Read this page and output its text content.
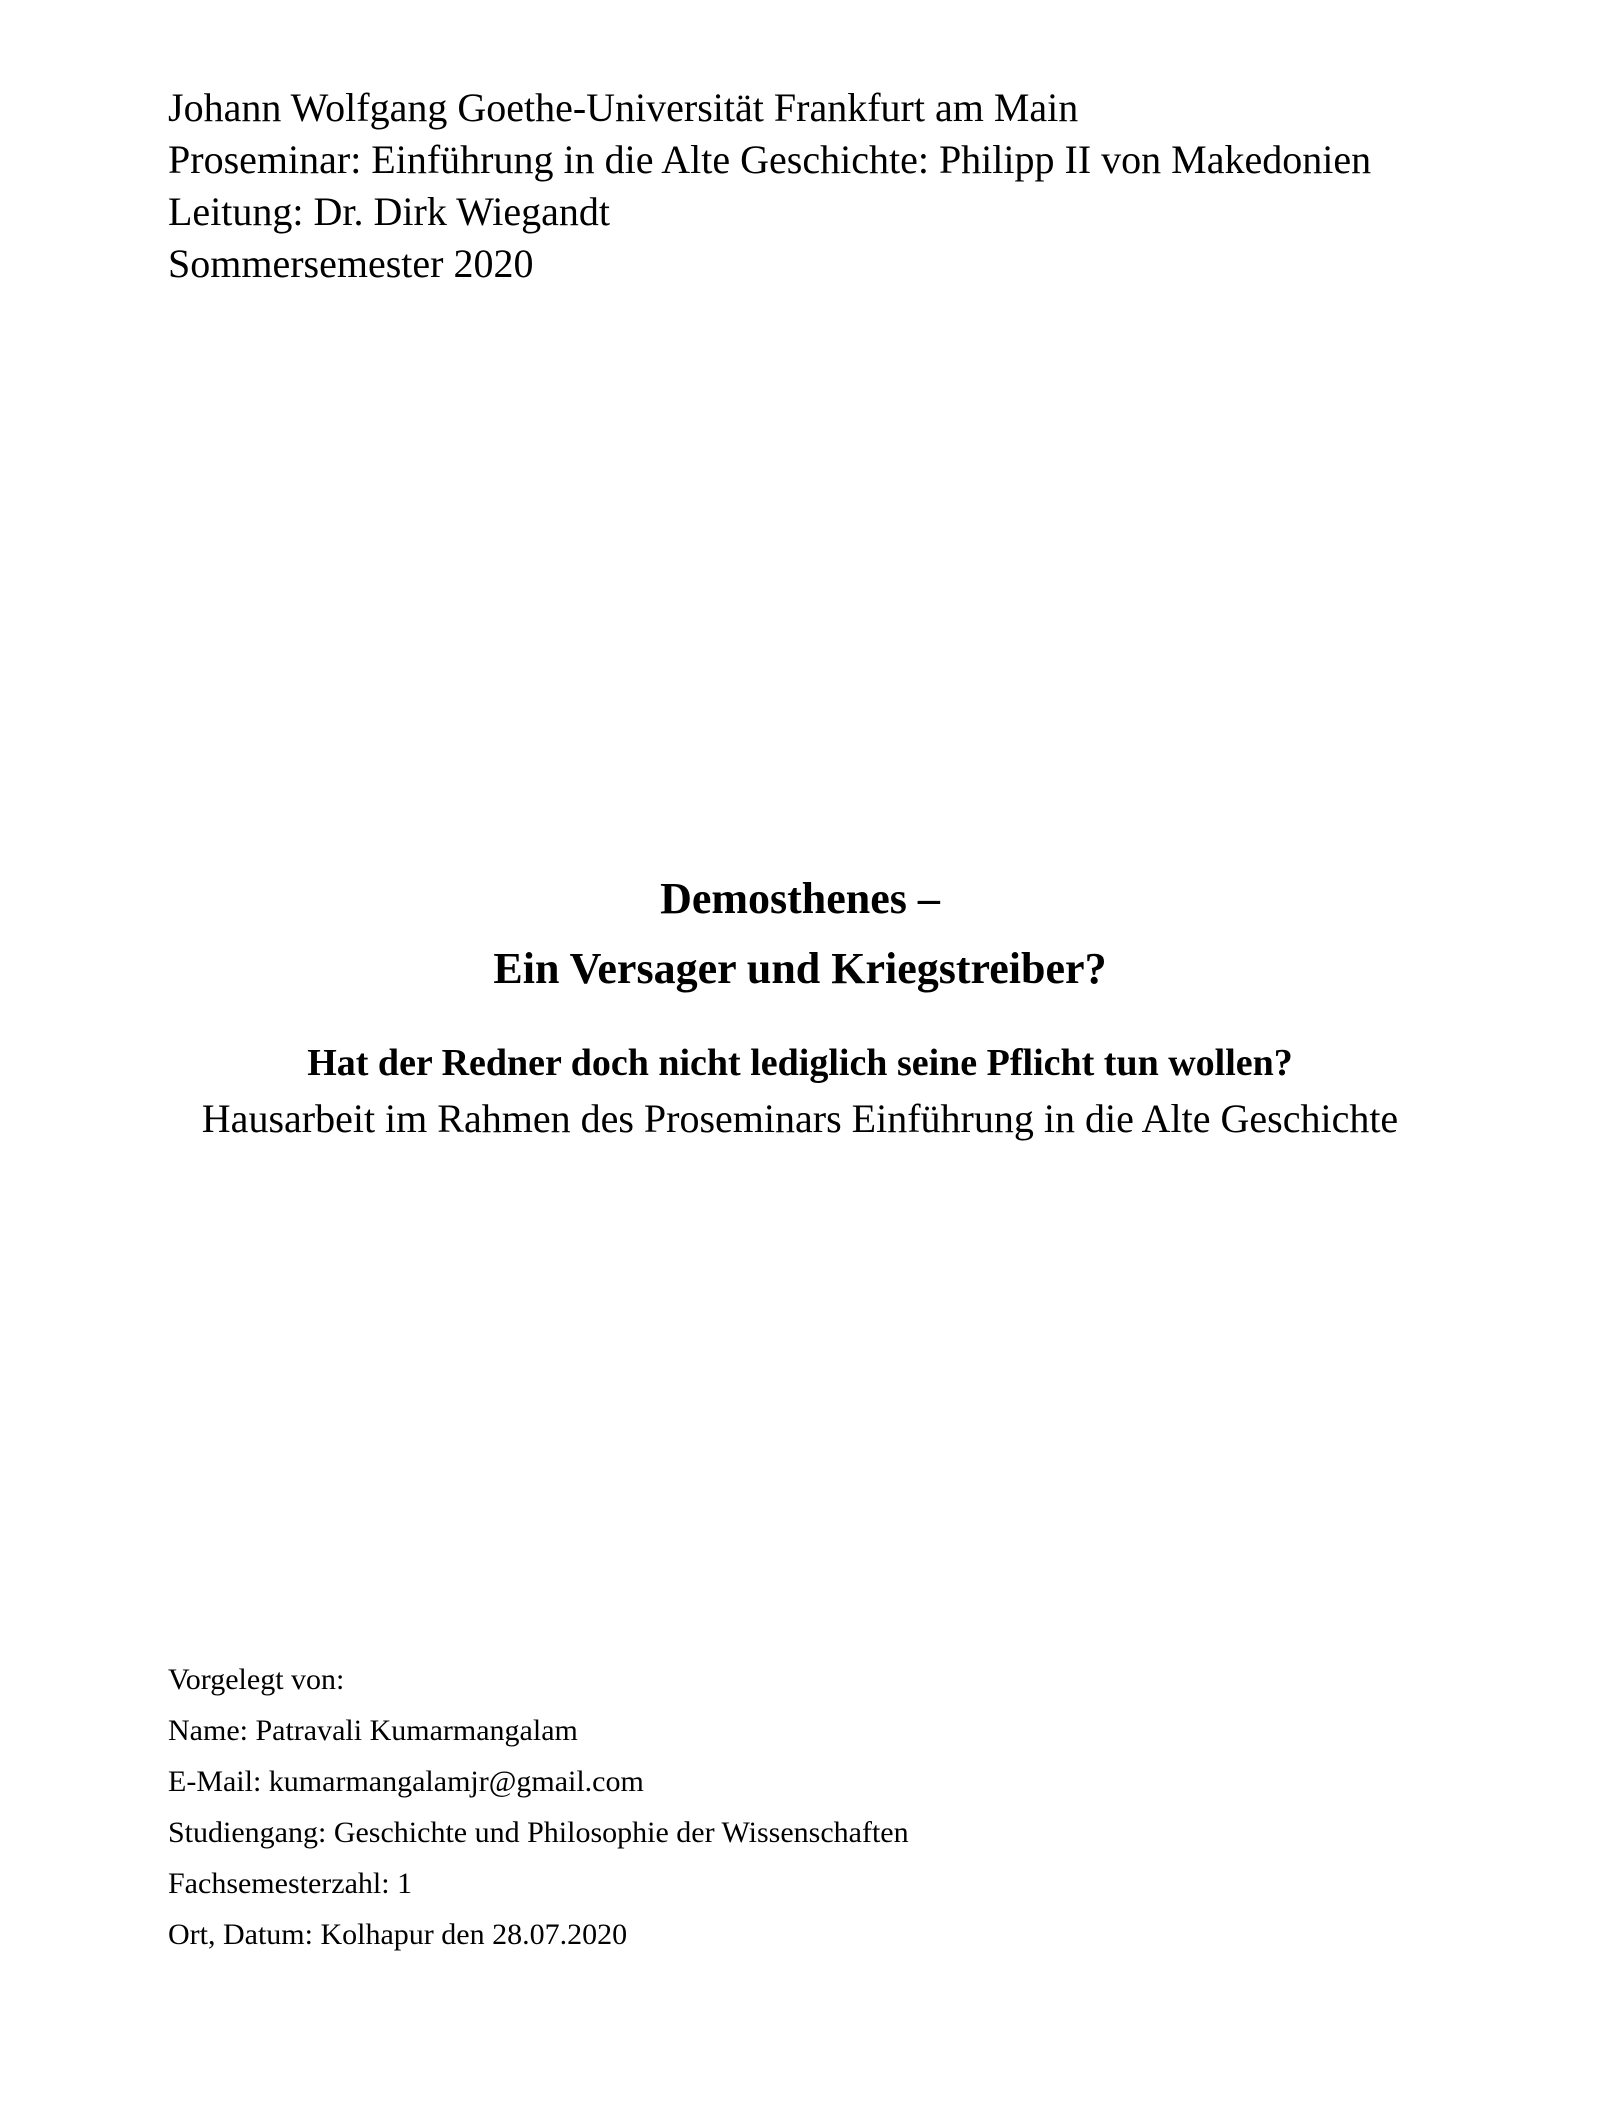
Johann Wolfgang Goethe-Universität Frankfurt am Main
Proseminar: Einführung in die Alte Geschichte: Philipp II von Makedonien
Leitung: Dr. Dirk Wiegandt
Sommersemester 2020
Demosthenes –
Ein Versager und Kriegstreiber?

Hat der Redner doch nicht lediglich seine Pflicht tun wollen?

Hausarbeit im Rahmen des Proseminars Einführung in die Alte Geschichte

Vorgelegt von:
Name: Patravali Kumarmangalam
E-Mail: kumarmangalamjr@gmail.com
Studiengang: Geschichte und Philosophie der Wissenschaften
Fachsemesterzahl: 1
Ort, Datum: Kolhapur den 28.07.2020
